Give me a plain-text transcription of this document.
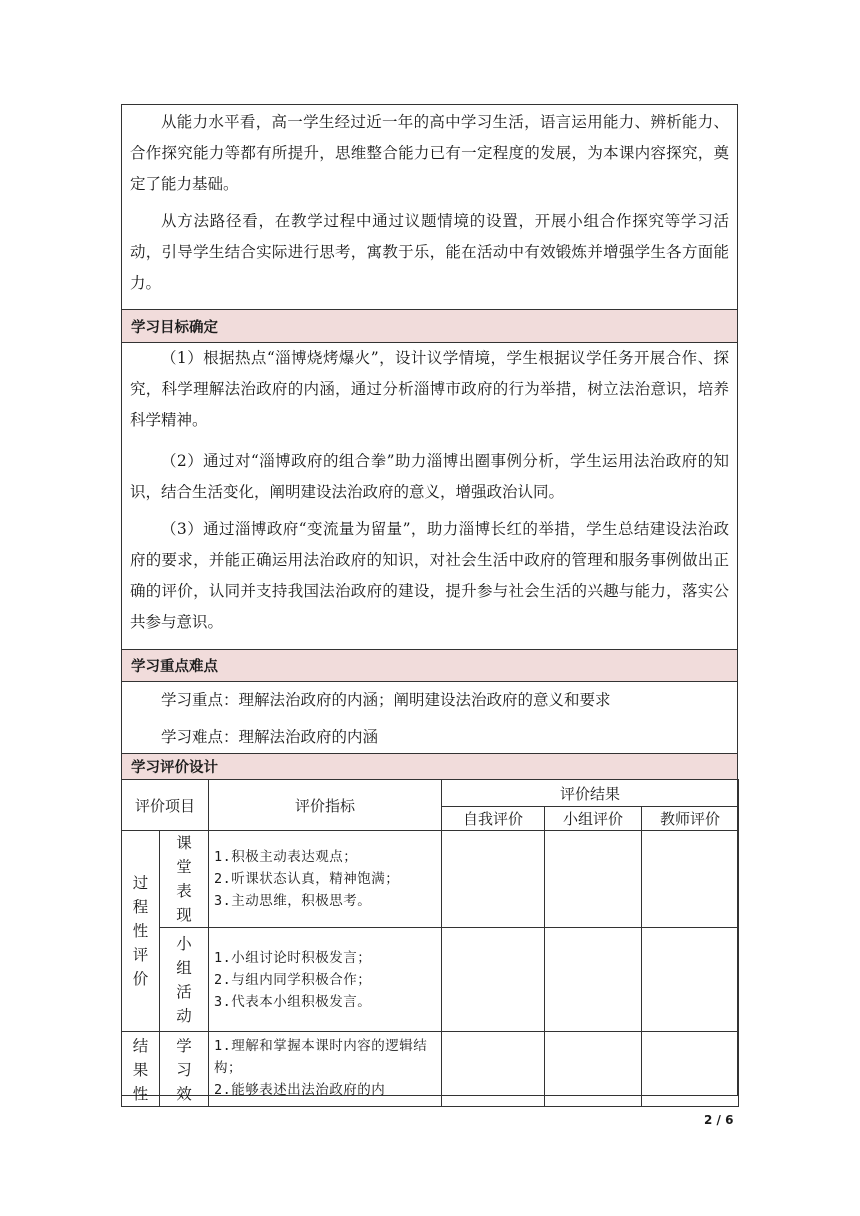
从能力水平看，高一学生经过近一年的高中学习生活，语言运用能力、辨析能力、合作探究能力等都有所提升，思维整合能力已有一定程度的发展，为本课内容探究，奠定了能力基础。

从方法路径看，在教学过程中通过议题情境的设置，开展小组合作探究等学习活动，引导学生结合实际进行思考，寓教于乐，能在活动中有效锻炼并增强学生各方面能力。

学习目标确定

（1）根据热点“淄博烧烤爆火”，设计议学情境，学生根据议学任务开展合作、探究，科学理解法治政府的内涵，通过分析淄博市政府的行为举措，树立法治意识，培养科学精神。

（2）通过对“淄博政府的组合拳”助力淄博出圈事例分析，学生运用法治政府的知识，结合生活变化，阐明建设法治政府的意义，增强政治认同。

（3）通过淄博政府“变流量为留量”，助力淄博长红的举措，学生总结建设法治政府的要求，并能正确运用法治政府的知识，对社会生活中政府的管理和服务事例做出正确的评价，认同并支持我国法治政府的建设，提升参与社会生活的兴趣与能力，落实公共参与意识。

学习重点难点

学习重点：理解法治政府的内涵；阐明建设法治政府的意义和要求

学习难点：理解法治政府的内涵

学习评价设计
评价项目		评价指标	评价结果		
			自我评价	小组评价	教师评价

过程性评价	课堂表现	1.积极主动表达观点；
2.听课状态认真，精神饱满；
3.主动思维，积极思考。			

	小组活动	1.小组讨论时积极发言；
2.与组内同学积极合作；
3.代表本小组积极发言。			

结果性	学习效	1.理解和掌握本课时内容的逻辑结构；
2.能够表述出法治政府的内			

2 / 6
